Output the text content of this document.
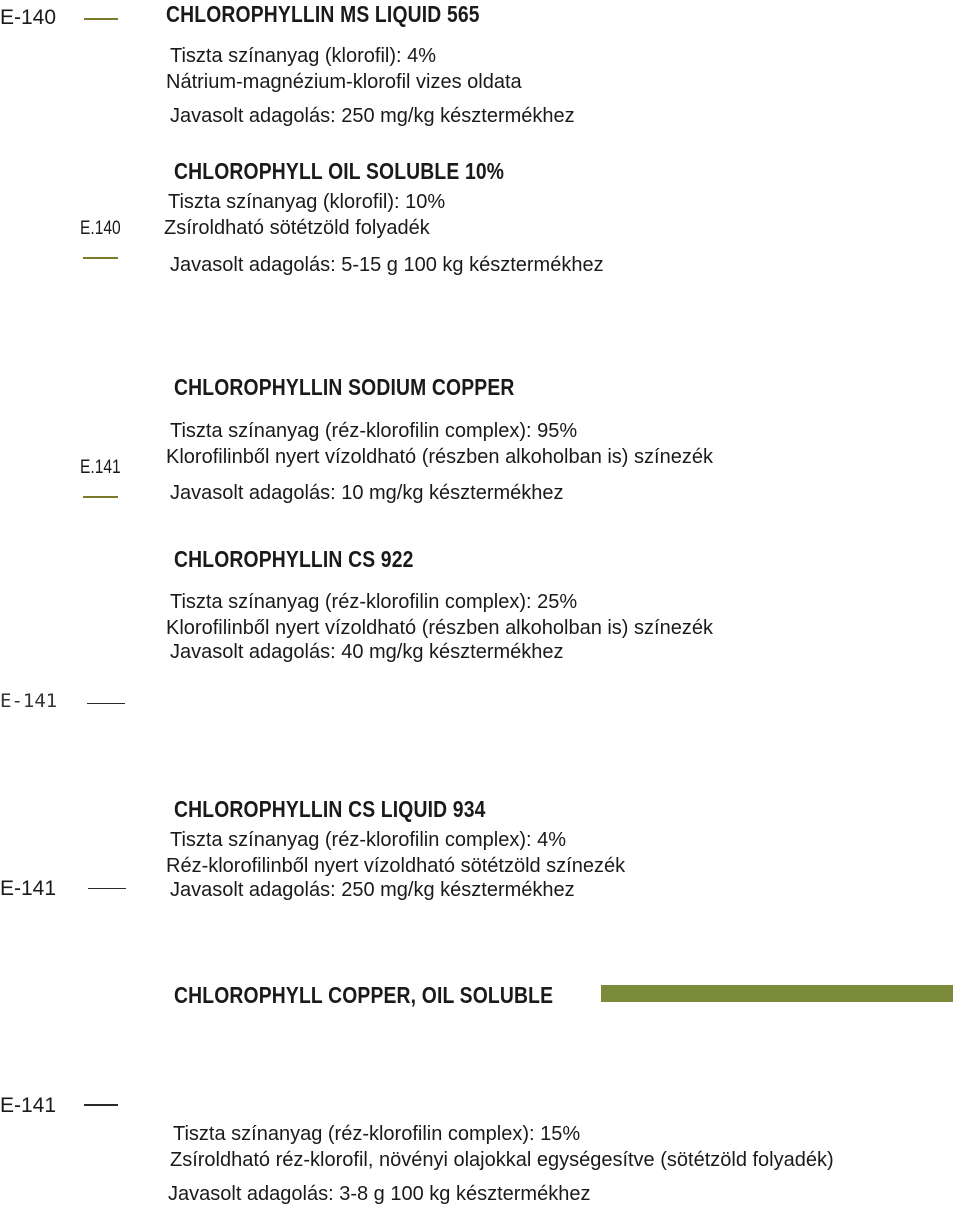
E-140	CHLOROPHYLLIN MS LIQUID 565
Tiszta színanyag (klorofil): 4%
Nátrium-magnézium-klorofil vizes oldata
Javasolt adagolás: 250 mg/kg késztermékhez
CHLOROPHYLL OIL SOLUBLE 10%
Tiszta színanyag (klorofil): 10%
E.140 Zsíroldható sötétzöld folyadék
Javasolt adagolás: 5-15 g 100 kg késztermékhez
CHLOROPHYLLIN SODIUM COPPER
Tiszta színanyag (réz-klorofilin complex): 95%
Klorofilinből nyert vízoldható (részben alkoholban is) színezék
E.141
Javasolt adagolás: 10 mg/kg késztermékhez
CHLOROPHYLLIN CS 922
Tiszta színanyag (réz-klorofilin complex): 25%
Klorofilinből nyert vízoldható (részben alkoholban is) színezék
Javasolt adagolás: 40 mg/kg késztermékhez
E-141
CHLOROPHYLLIN CS LIQUID 934
Tiszta színanyag (réz-klorofilin complex): 4%
Réz-klorofilinből nyert vízoldható sötétzöld színezék
E-141	Javasolt adagolás: 250 mg/kg késztermékhez
CHLOROPHYLL COPPER, OIL SOLUBLE
E-141
Tiszta színanyag (réz-klorofilin complex): 15%
Zsíroldható réz-klorofil, növényi olajokkal egységesítve (sötétzöld folyadék)
Javasolt adagolás: 3-8 g 100 kg késztermékhez
